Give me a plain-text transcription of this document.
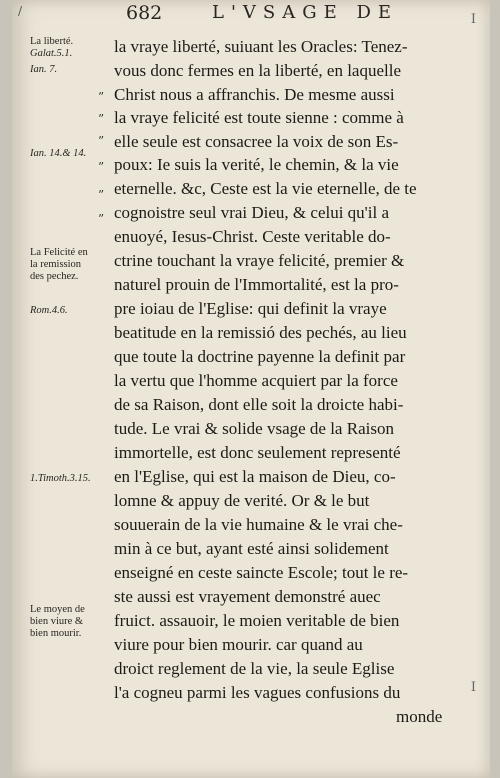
/	682	L'VSAGE DE
La liberté.
Galat.5.1.
Ian. 7.
Ian. 14.& 14.
La Felicité en
la remission
des pechez.
Rom.4.6.
1.Timoth.3.15.
Le moyen de
bien viure &
bien mourir.
”
”
”
”
”
”
la vraye liberté, suiuant les Oracles: Tenez-
vous donc fermes en la liberté, en laquelle
Christ nous a affranchis. De mesme aussi
la vraye felicité est toute sienne : comme à
elle seule est consacree la voix de son Es-
poux: Ie suis la verité, le chemin, & la vie
eternelle. &c, Ceste est la vie eternelle, de te
cognoistre seul vrai Dieu, & celui qu'il a
enuoyé, Iesus-Christ. Ceste veritable do-
ctrine touchant la vraye felicité, premier &
naturel prouin de l'Immortalité, est la pro-
pre ioiau de l'Eglise: qui definit la vraye
beatitude en la remissió des pechés, au lieu
que toute la doctrine payenne la definit par
la vertu que l'homme acquiert par la force
de sa Raison, dont elle soit la droicte habi-
tude. Le vrai & solide vsage de la Raison
immortelle, est donc seulement representé
en l'Eglise, qui est la maison de Dieu, co-
lomne & appuy de verité. Or & le but
souuerain de la vie humaine & le vrai che-
min à ce but, ayant esté ainsi solidement
enseigné en ceste saincte Escole; tout le re-
ste aussi est vrayement demonstré auec
fruict. assauoir, le moien veritable de bien
viure pour bien mourir. car quand au
droict reglement de la vie, la seule Eglise
l'a cogneu parmi les vagues confusions du
monde
I
I
